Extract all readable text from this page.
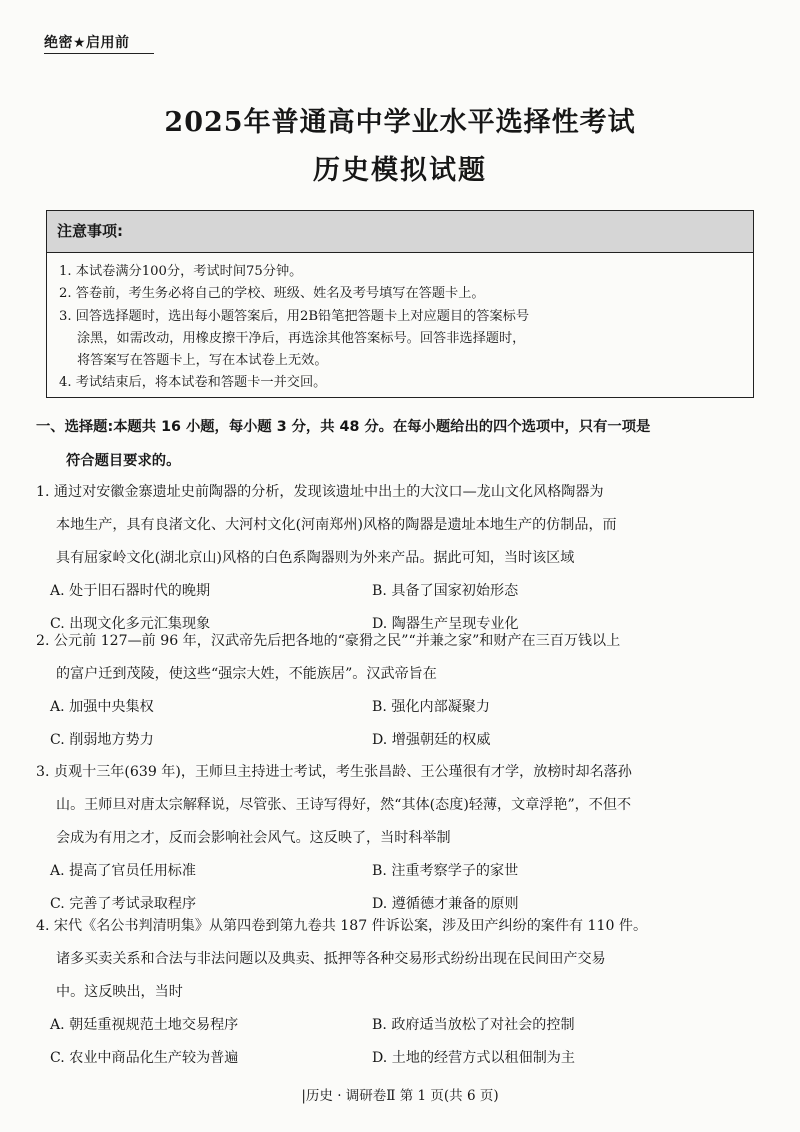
绝密★启用前
2025年普通高中学业水平选择性考试
历史模拟试题
注意事项:
1. 本试卷满分100分，考试时间75分钟。
2. 答卷前，考生务必将自己的学校、班级、姓名及考号填写在答题卡上。
3. 回答选择题时，选出每小题答案后，用2B铅笔把答题卡上对应题目的答案标号
涂黑，如需改动，用橡皮擦干净后，再选涂其他答案标号。回答非选择题时，
将答案写在答题卡上，写在本试卷上无效。
4. 考试结束后，将本试卷和答题卡一并交回。
一、选择题:本题共 16 小题，每小题 3 分，共 48 分。在每小题给出的四个选项中，只有一项是
符合题目要求的。
1. 通过对安徽金寨遗址史前陶器的分析，发现该遗址中出土的大汶口—龙山文化风格陶器为
本地生产，具有良渚文化、大河村文化(河南郑州)风格的陶器是遗址本地生产的仿制品，而
具有屈家岭文化(湖北京山)风格的白色系陶器则为外来产品。据此可知，当时该区域
A. 处于旧石器时代的晚期	B. 具备了国家初始形态
C. 出现文化多元汇集现象	D. 陶器生产呈现专业化
2. 公元前 127—前 96 年，汉武帝先后把各地的“豪猾之民”“并兼之家”和财产在三百万钱以上
的富户迁到茂陵，使这些“强宗大姓，不能族居”。汉武帝旨在
A. 加强中央集权	B. 强化内部凝聚力
C. 削弱地方势力	D. 增强朝廷的权威
3. 贞观十三年(639 年)，王师旦主持进士考试，考生张昌龄、王公瑾很有才学，放榜时却名落孙
山。王师旦对唐太宗解释说，尽管张、王诗写得好，然“其体(态度)轻薄，文章浮艳”，不但不
会成为有用之才，反而会影响社会风气。这反映了，当时科举制
A. 提高了官员任用标准	B. 注重考察学子的家世
C. 完善了考试录取程序	D. 遵循德才兼备的原则
4. 宋代《名公书判清明集》从第四卷到第九卷共 187 件诉讼案，涉及田产纠纷的案件有 110 件。
诸多买卖关系和合法与非法问题以及典卖、抵押等各种交易形式纷纷出现在民间田产交易
中。这反映出，当时
A. 朝廷重视规范土地交易程序	B. 政府适当放松了对社会的控制
C. 农业中商品化生产较为普遍	D. 土地的经营方式以租佃制为主
|历史 · 调研卷Ⅱ 第 1 页(共 6 页)
